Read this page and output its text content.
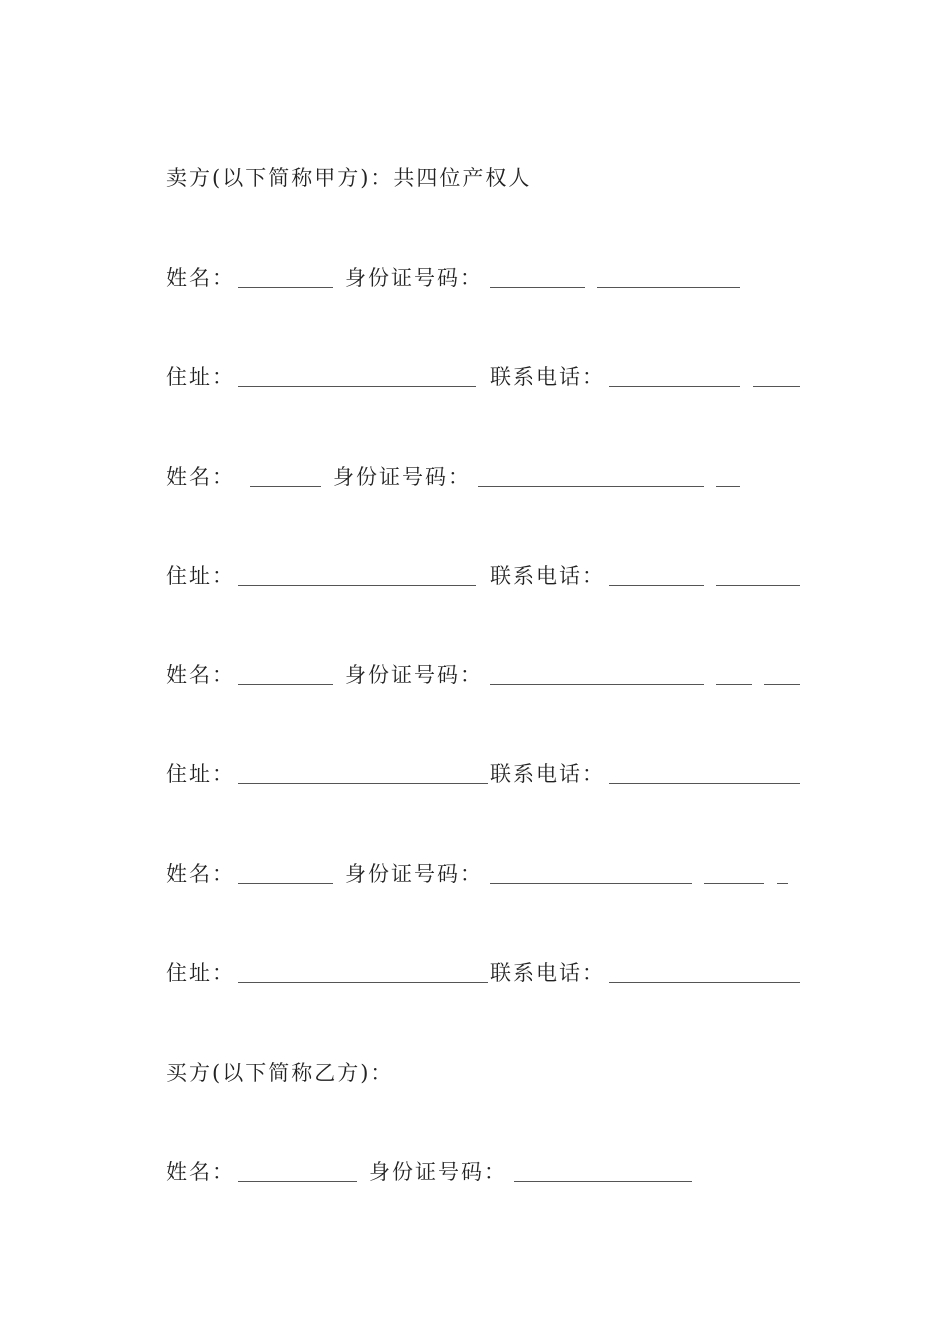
卖方(以下简称甲方)：共四位产权人
姓名：	身份证号码：
住址：	联系电话：
姓名：	身份证号码：
住址：	联系电话：
姓名：	身份证号码：
住址：	联系电话：
姓名：	身份证号码：
住址：	联系电话：
买方(以下简称乙方)：
姓名：	身份证号码：
